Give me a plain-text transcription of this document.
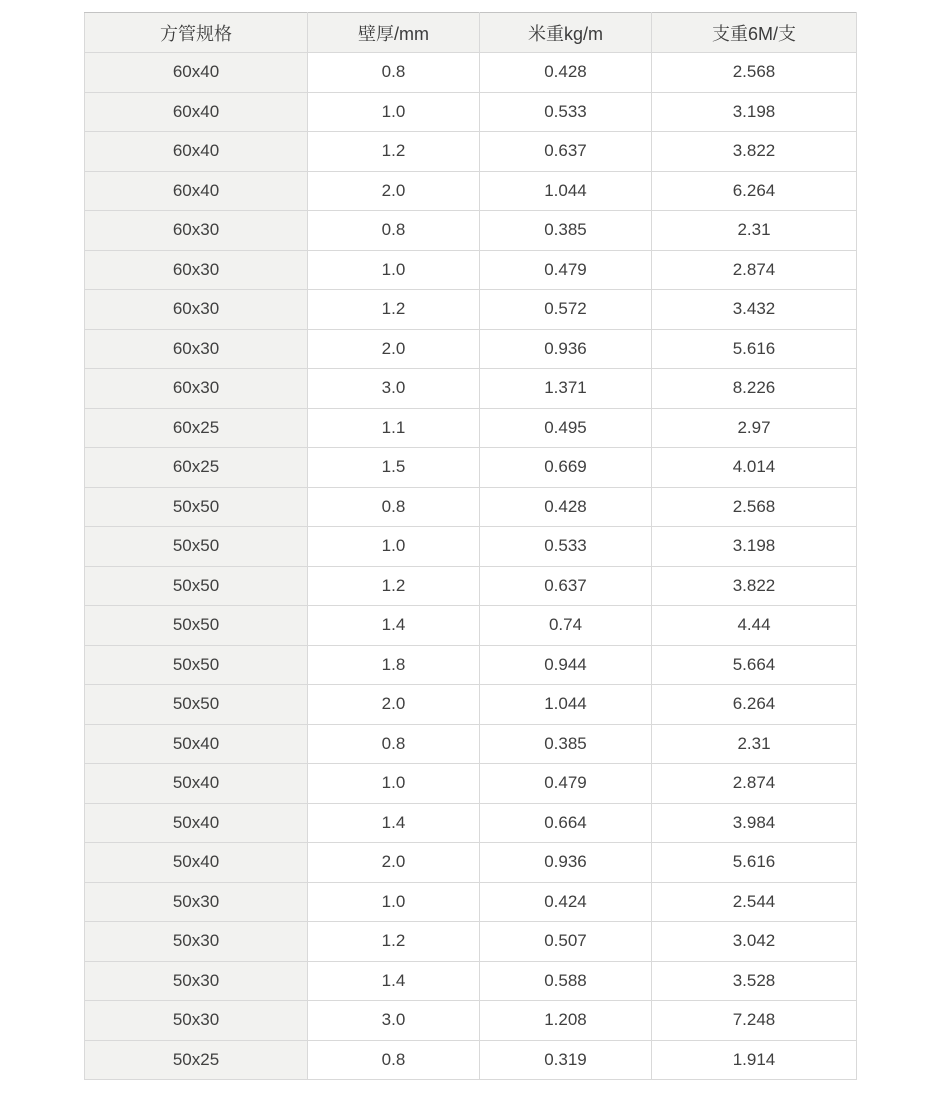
方管规格	壁厚/mm	米重kg/m	支重6M/支
60x40	0.8	0.428	2.568
60x40	1.0	0.533	3.198
60x40	1.2	0.637	3.822
60x40	2.0	1.044	6.264
60x30	0.8	0.385	2.31
60x30	1.0	0.479	2.874
60x30	1.2	0.572	3.432
60x30	2.0	0.936	5.616
60x30	3.0	1.371	8.226
60x25	1.1	0.495	2.97
60x25	1.5	0.669	4.014
50x50	0.8	0.428	2.568
50x50	1.0	0.533	3.198
50x50	1.2	0.637	3.822
50x50	1.4	0.74	4.44
50x50	1.8	0.944	5.664
50x50	2.0	1.044	6.264
50x40	0.8	0.385	2.31
50x40	1.0	0.479	2.874
50x40	1.4	0.664	3.984
50x40	2.0	0.936	5.616
50x30	1.0	0.424	2.544
50x30	1.2	0.507	3.042
50x30	1.4	0.588	3.528
50x30	3.0	1.208	7.248
50x25	0.8	0.319	1.914
